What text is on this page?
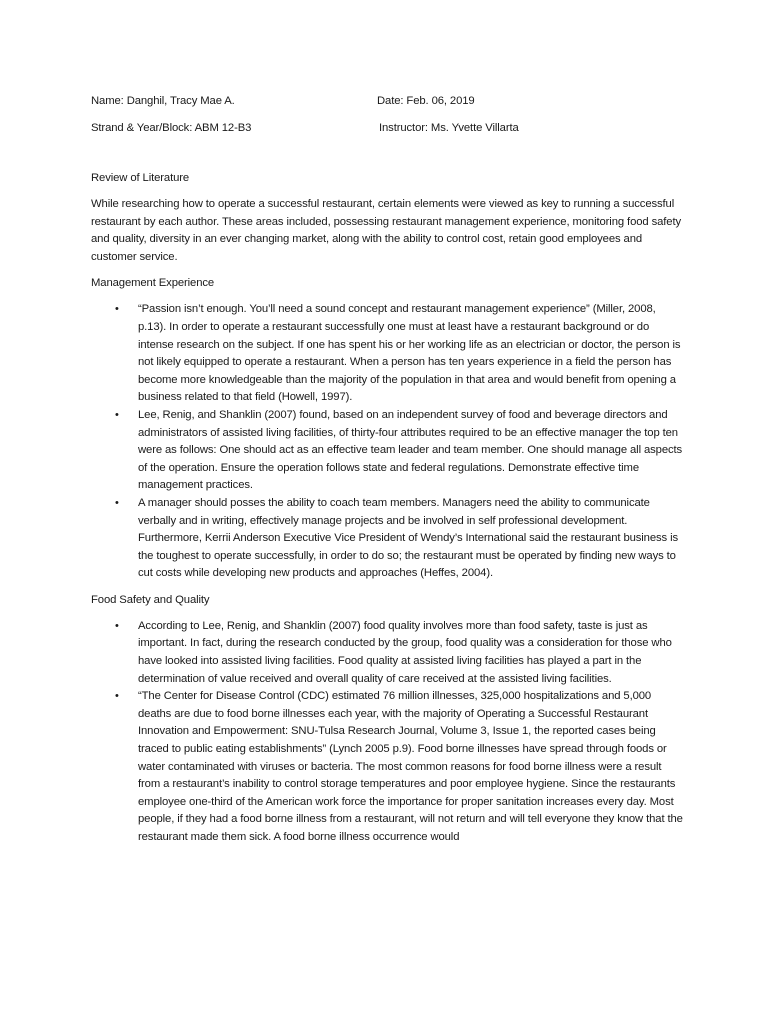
Name: Danghil, Tracy Mae A.	Date: Feb. 06, 2019
Strand & Year/Block: ABM 12-B3	Instructor: Ms. Yvette Villarta

Review of Literature

While researching how to operate a successful restaurant, certain elements were viewed as key to running a successful restaurant by each author. These areas included, possessing restaurant management experience, monitoring food safety and quality, diversity in an ever changing market, along with the ability to control cost, retain good employees and customer service.

Management Experience

• “Passion isn’t enough. You’ll need a sound concept and restaurant management experience” (Miller, 2008, p.13). In order to operate a restaurant successfully one must at least have a restaurant background or do intense research on the subject. If one has spent his or her working life as an electrician or doctor, the person is not likely equipped to operate a restaurant. When a person has ten years experience in a field the person has become more knowledgeable than the majority of the population in that area and would benefit from opening a business related to that field (Howell, 1997).
• Lee, Renig, and Shanklin (2007) found, based on an independent survey of food and beverage directors and administrators of assisted living facilities, of thirty-four attributes required to be an effective manager the top ten were as follows: One should act as an effective team leader and team member. One should manage all aspects of the operation. Ensure the operation follows state and federal regulations. Demonstrate effective time management practices.
• A manager should posses the ability to coach team members. Managers need the ability to communicate verbally and in writing, effectively manage projects and be involved in self professional development. Furthermore, Kerrii Anderson Executive Vice President of Wendy’s International said the restaurant business is the toughest to operate successfully, in order to do so; the restaurant must be operated by finding new ways to cut costs while developing new products and approaches (Heffes, 2004).

Food Safety and Quality

• According to Lee, Renig, and Shanklin (2007) food quality involves more than food safety, taste is just as important. In fact, during the research conducted by the group, food quality was a consideration for those who have looked into assisted living facilities. Food quality at assisted living facilities has played a part in the determination of value received and overall quality of care received at the assisted living facilities.
• “The Center for Disease Control (CDC) estimated 76 million illnesses, 325,000 hospitalizations and 5,000 deaths are due to food borne illnesses each year, with the majority of Operating a Successful Restaurant Innovation and Empowerment: SNU-Tulsa Research Journal, Volume 3, Issue 1, the reported cases being traced to public eating establishments” (Lynch 2005 p.9). Food borne illnesses have spread through foods or water contaminated with viruses or bacteria. The most common reasons for food borne illness were a result from a restaurant’s inability to control storage temperatures and poor employee hygiene. Since the restaurants employee one-third of the American work force the importance for proper sanitation increases every day. Most people, if they had a food borne illness from a restaurant, will not return and will tell everyone they know that the restaurant made them sick. A food borne illness occurrence would
